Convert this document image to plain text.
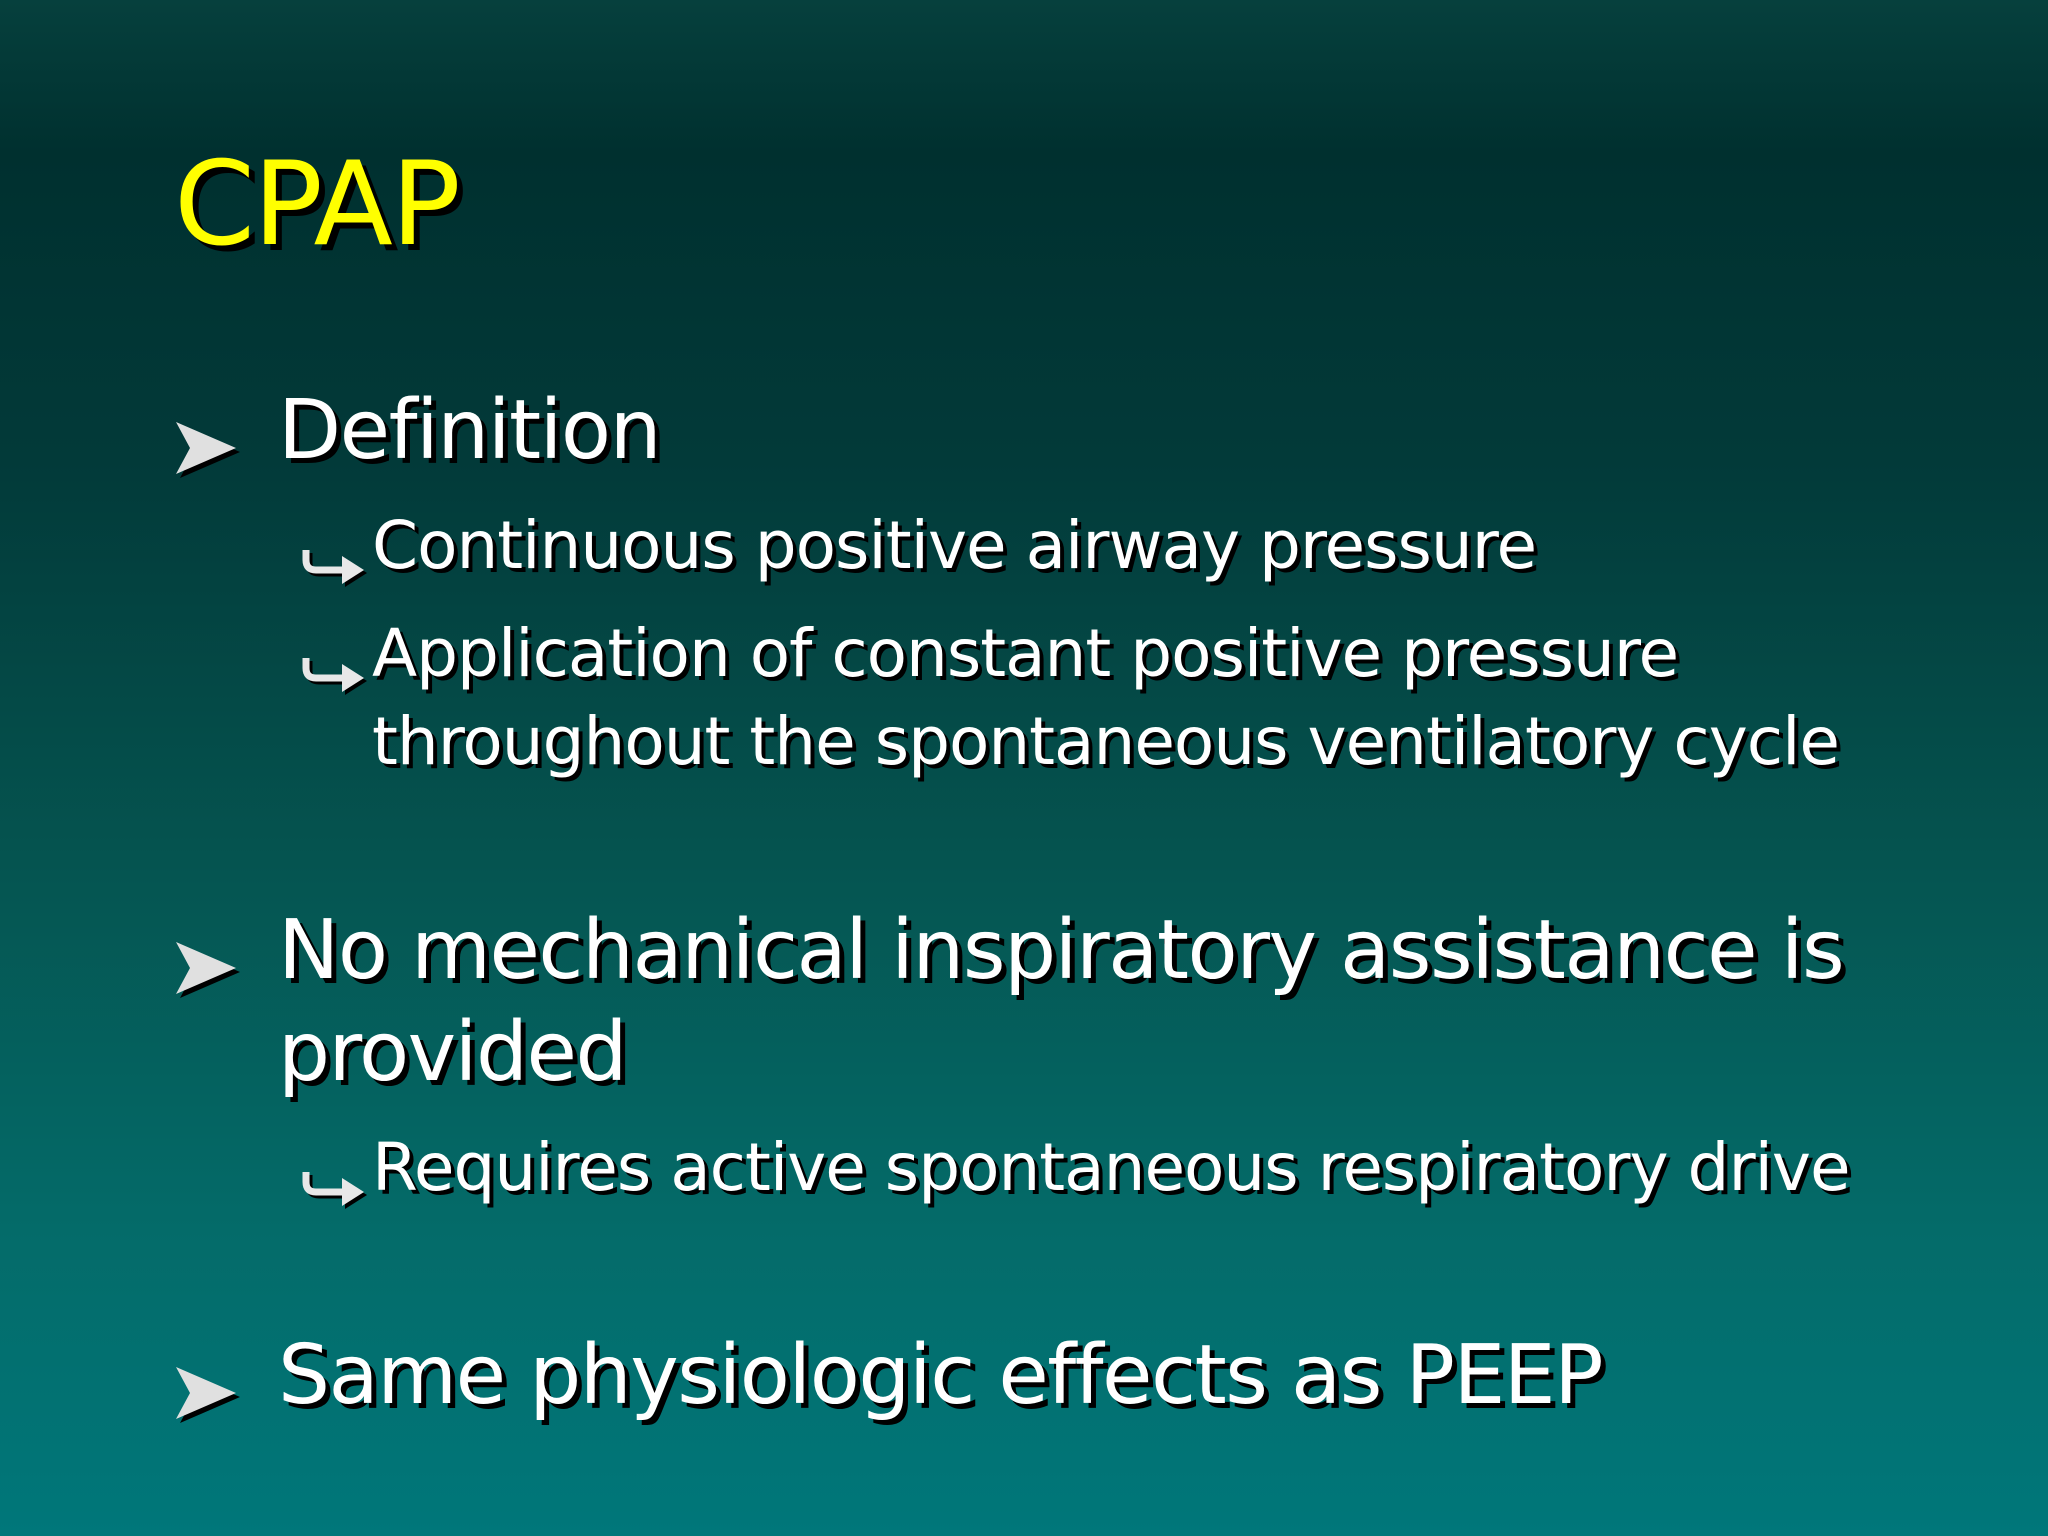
CPAP
Definition
Continuous positive airway pressure
Application of constant positive pressure throughout the spontaneous ventilatory cycle
No mechanical inspiratory assistance is provided
Requires active spontaneous respiratory drive
Same physiologic effects as PEEP
